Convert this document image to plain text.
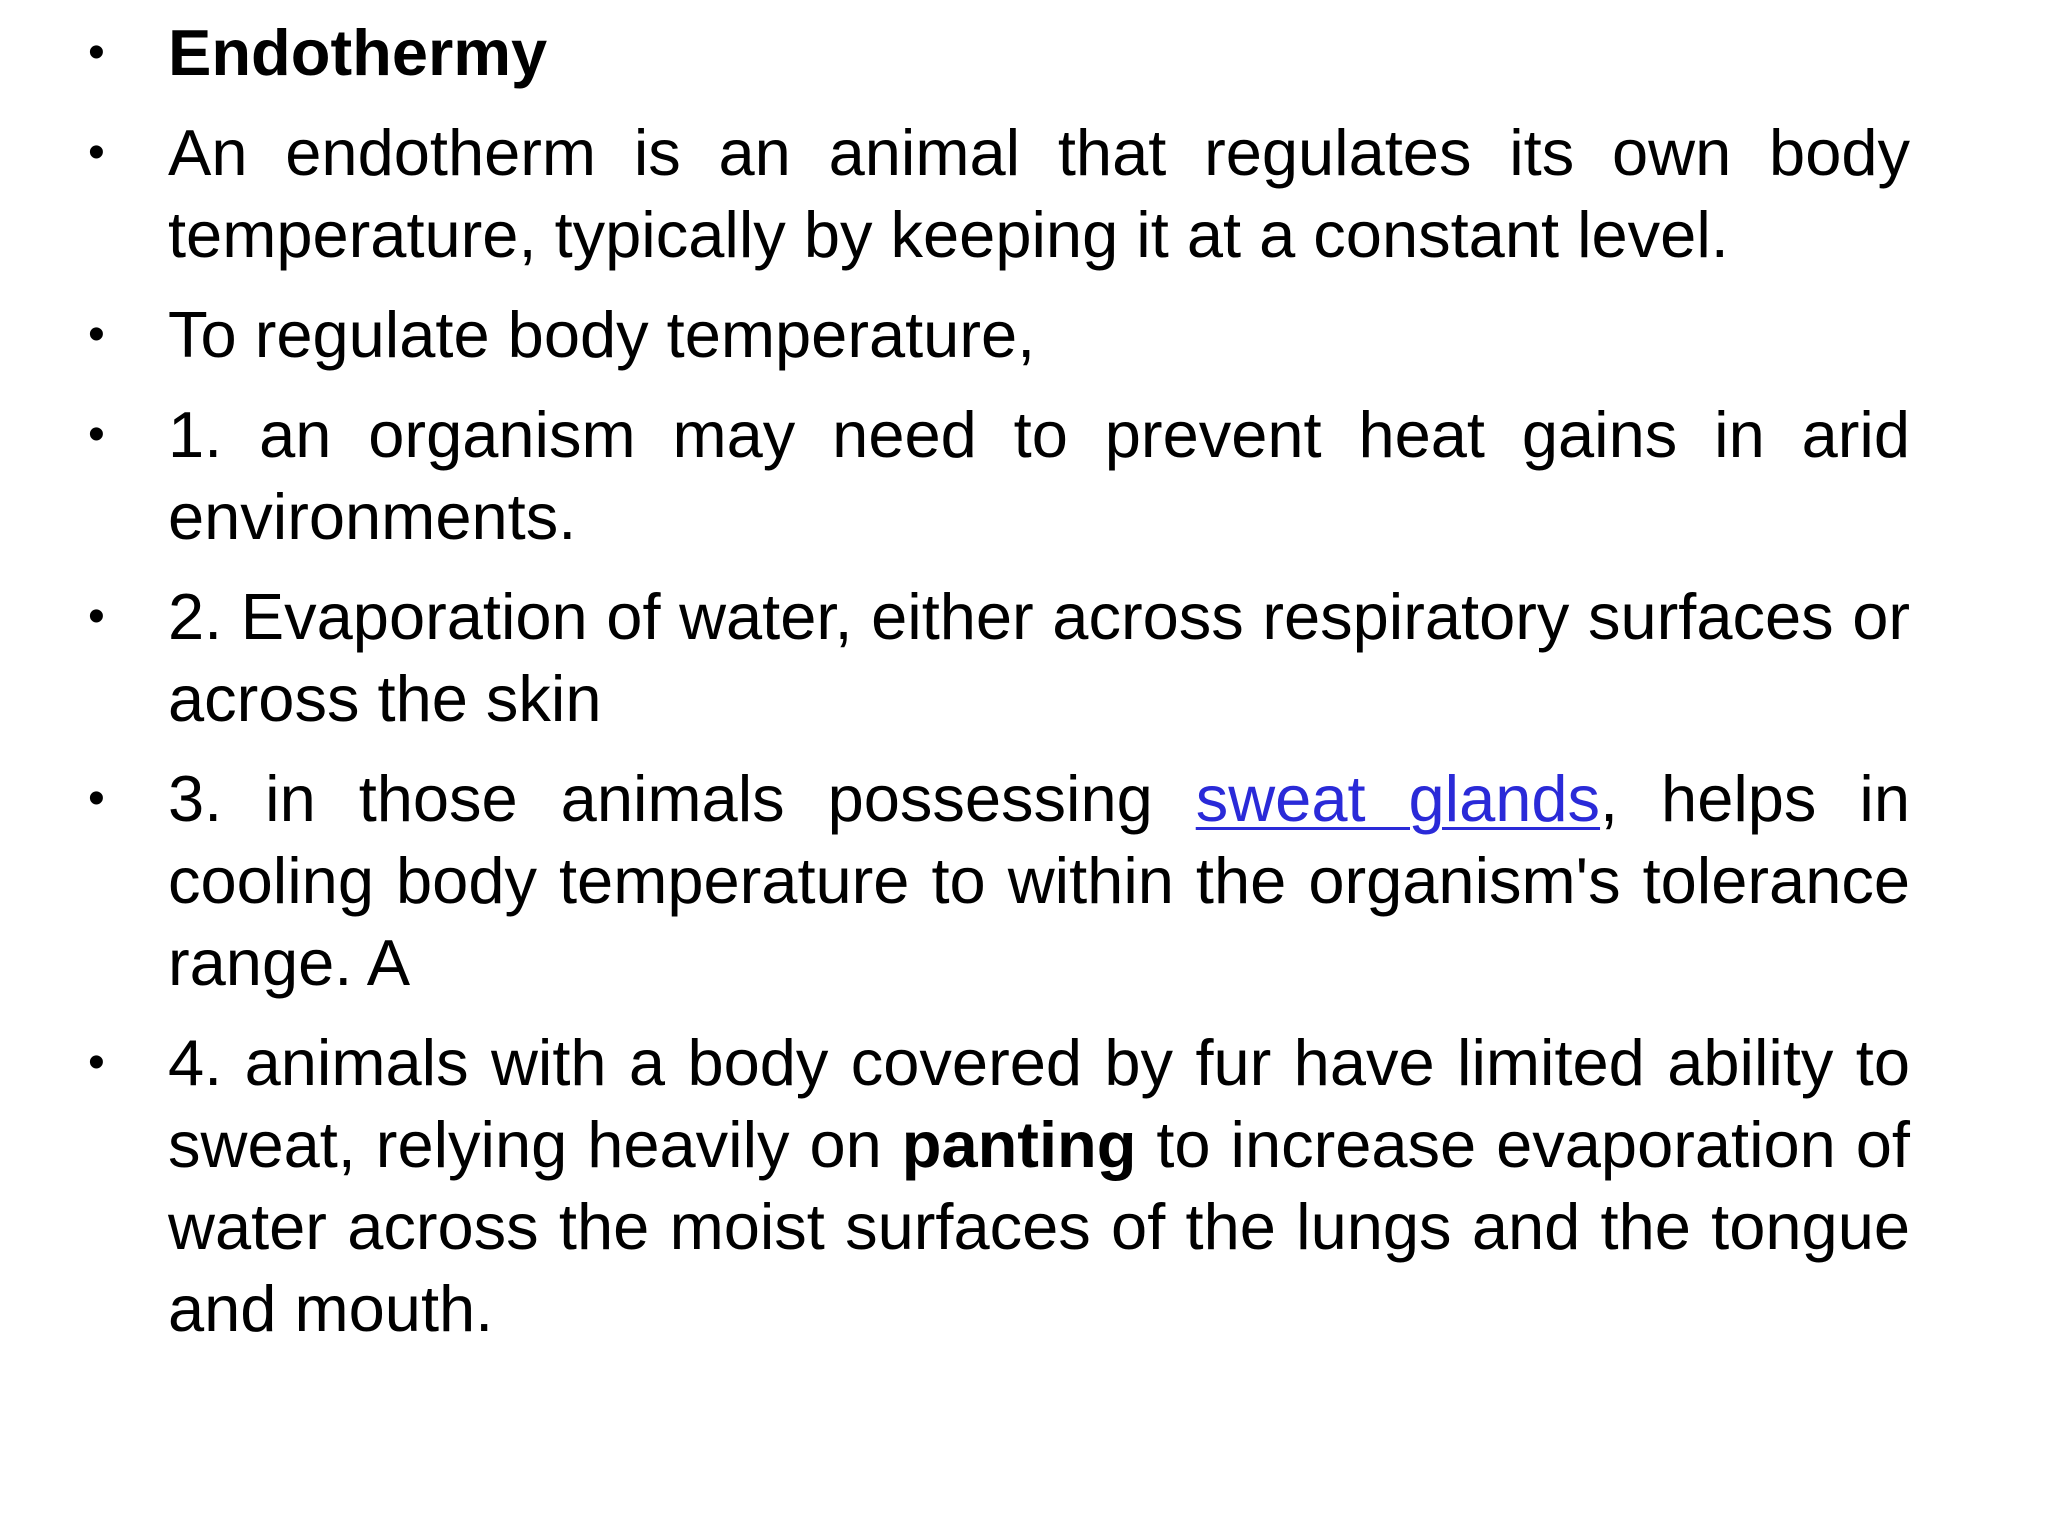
• Endothermy
• An endotherm is an animal that regulates its own body temperature, typically by keeping it at a constant level.
• To regulate body temperature,
• 1. an organism may need to prevent heat gains in arid environments.
• 2. Evaporation of water, either across respiratory surfaces or across the skin
• 3. in those animals possessing sweat glands, helps in cooling body temperature to within the organism's tolerance range. A
• 4. animals with a body covered by fur have limited ability to sweat, relying heavily on panting to increase evaporation of water across the moist surfaces of the lungs and the tongue and mouth.
